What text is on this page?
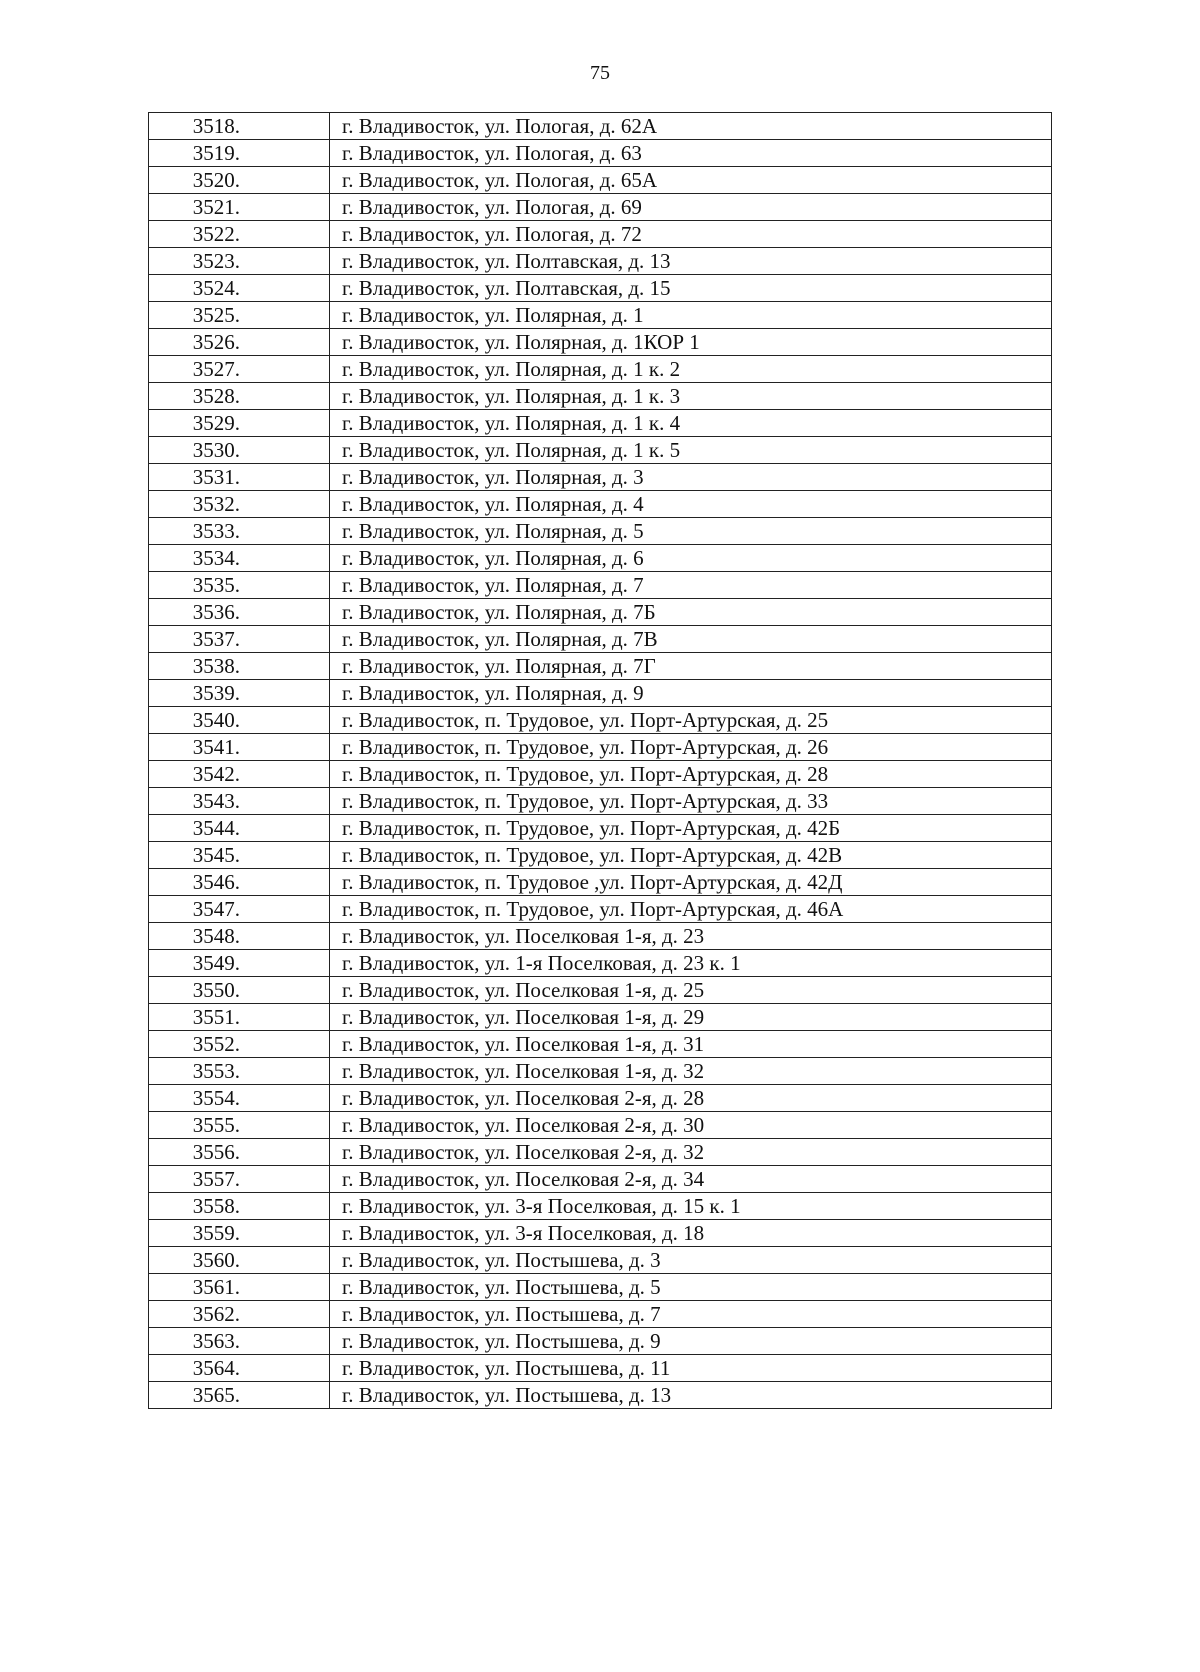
75
3518.	г. Владивосток, ул. Пологая, д. 62А
3519.	г. Владивосток, ул. Пологая, д. 63
3520.	г. Владивосток, ул. Пологая, д. 65А
3521.	г. Владивосток, ул. Пологая, д. 69
3522.	г. Владивосток, ул. Пологая, д. 72
3523.	г. Владивосток, ул. Полтавская, д. 13
3524.	г. Владивосток, ул. Полтавская, д. 15
3525.	г. Владивосток, ул. Полярная, д. 1
3526.	г. Владивосток, ул. Полярная, д. 1КОР 1
3527.	г. Владивосток, ул. Полярная, д. 1 к. 2
3528.	г. Владивосток, ул. Полярная, д. 1 к. 3
3529.	г. Владивосток, ул. Полярная, д. 1 к. 4
3530.	г. Владивосток, ул. Полярная, д. 1 к. 5
3531.	г. Владивосток, ул. Полярная, д. 3
3532.	г. Владивосток, ул. Полярная, д. 4
3533.	г. Владивосток, ул. Полярная, д. 5
3534.	г. Владивосток, ул. Полярная, д. 6
3535.	г. Владивосток, ул. Полярная, д. 7
3536.	г. Владивосток, ул. Полярная, д. 7Б
3537.	г. Владивосток, ул. Полярная, д. 7В
3538.	г. Владивосток, ул. Полярная, д. 7Г
3539.	г. Владивосток, ул. Полярная, д. 9
3540.	г. Владивосток, п. Трудовое, ул. Порт-Артурская, д. 25
3541.	г. Владивосток, п. Трудовое, ул. Порт-Артурская, д. 26
3542.	г. Владивосток, п. Трудовое, ул. Порт-Артурская, д. 28
3543.	г. Владивосток, п. Трудовое, ул. Порт-Артурская, д. 33
3544.	г. Владивосток, п. Трудовое, ул. Порт-Артурская, д. 42Б
3545.	г. Владивосток, п. Трудовое, ул. Порт-Артурская, д. 42В
3546.	г. Владивосток, п. Трудовое ,ул. Порт-Артурская, д. 42Д
3547.	г. Владивосток, п. Трудовое, ул. Порт-Артурская, д. 46А
3548.	г. Владивосток, ул. Поселковая 1-я, д. 23
3549.	г. Владивосток, ул. 1-я Поселковая, д. 23 к. 1
3550.	г. Владивосток, ул. Поселковая 1-я, д. 25
3551.	г. Владивосток, ул. Поселковая 1-я, д. 29
3552.	г. Владивосток, ул. Поселковая 1-я, д. 31
3553.	г. Владивосток, ул. Поселковая 1-я, д. 32
3554.	г. Владивосток, ул. Поселковая 2-я, д. 28
3555.	г. Владивосток, ул. Поселковая 2-я, д. 30
3556.	г. Владивосток, ул. Поселковая 2-я, д. 32
3557.	г. Владивосток, ул. Поселковая 2-я, д. 34
3558.	г. Владивосток, ул. 3-я Поселковая, д. 15 к. 1
3559.	г. Владивосток, ул. 3-я Поселковая, д. 18
3560.	г. Владивосток, ул. Постышева, д. 3
3561.	г. Владивосток, ул. Постышева, д. 5
3562.	г. Владивосток, ул. Постышева, д. 7
3563.	г. Владивосток, ул. Постышева, д. 9
3564.	г. Владивосток, ул. Постышева, д. 11
3565.	г. Владивосток, ул. Постышева, д. 13
